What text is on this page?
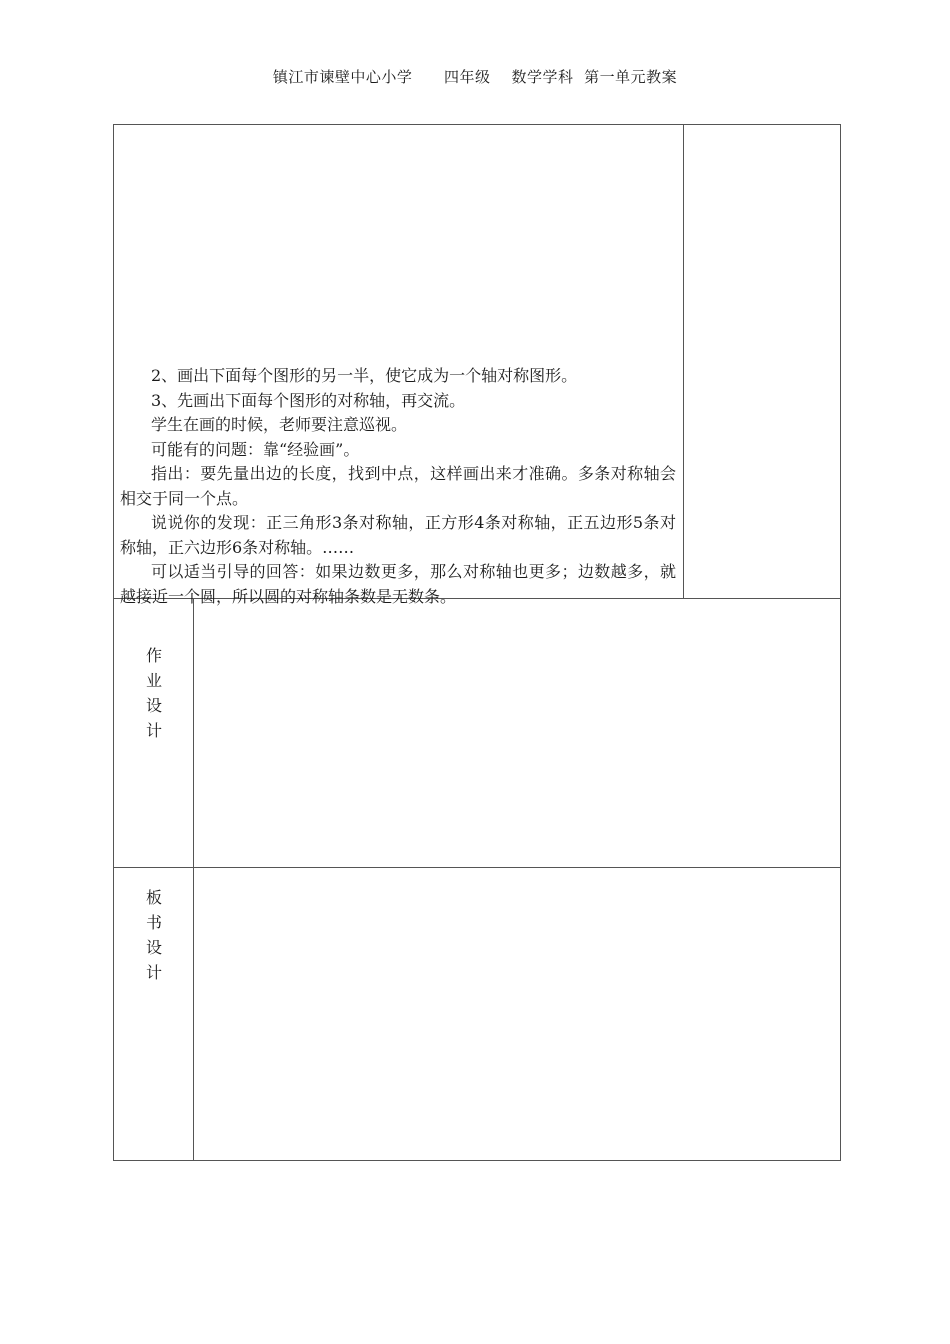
镇江市谏壁中心小学      四年级    数学学科  第一单元教案

2、画出下面每个图形的另一半，使它成为一个轴对称图形。

3、先画出下面每个图形的对称轴，再交流。

学生在画的时候，老师要注意巡视。

可能有的问题：靠“经验画”。

指出：要先量出边的长度，找到中点，这样画出来才准确。多条对称轴会相交于同一个点。

说说你的发现：正三角形3条对称轴，正方形4条对称轴，正五边形5条对称轴，正六边形6条对称轴。……

可以适当引导的回答：如果边数更多，那么对称轴也更多；边数越多，就越接近一个圆，所以圆的对称轴条数是无数条。

作
业
设
计
板
书
设
计
